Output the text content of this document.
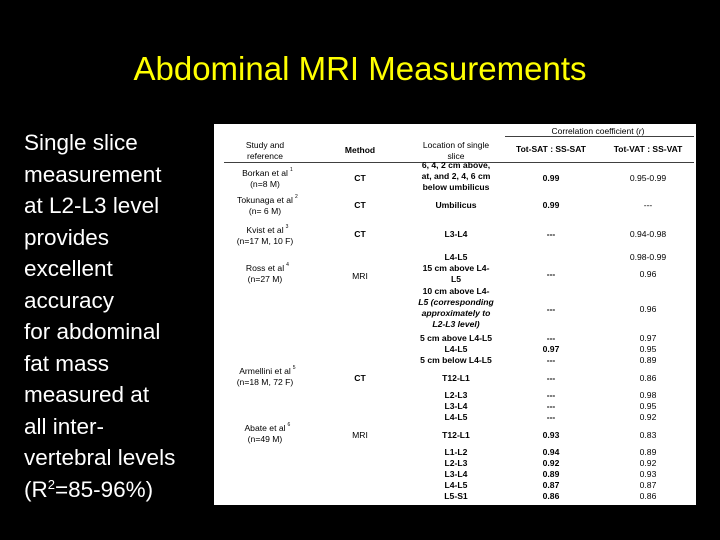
Abdominal MRI Measurements
Single slice
measurement
at L2-L3 level
provides
excellent
accuracy
for abdominal
fat mass
measured at
all inter-
vertebral levels
$(R^2=85-96\%)$
Correlation coefficient (r)
Study and
reference
Method	Location of single
slice
Tot-SAT : SS-SAT	Tot-VAT : SS-VAT
Borkan et al 1
(n=8 M)
Tokunaga et al 2
(n= 6 M)
Kvist et al 3
(n=17 M, 10 F)
Ross et al 4
(n=27 M)
Armellini et al 5
(n=18 M, 72 F)
Abate et al 6
(n=49 M)
CT
CT
CT
MRI
CT
MRI
6, 4, 2 cm above,
at, and 2, 4, 6 cm
below umbilicus
Umbilicus
L3-L4
L4-L5
15 cm above L4-
L5
10 cm above L4-
L5 (corresponding
approximately to
L2-L3 level)
5 cm above L4-L5
L4-L5
5 cm below L4-L5
T12-L1
L2-L3
L3-L4
L4-L5
T12-L1
L1-L2
L2-L3
L3-L4
L4-L5
L5-S1
0.99
0.99
---
---
---
---
0.97
---
---
---
---
---
0.93
0.94
0.92
0.89
0.87
0.86
0.95-0.99
---
0.94-0.98
0.98-0.99
0.96
0.96
0.97
0.95
0.89
0.86
0.98
0.95
0.92
0.83
0.89
0.92
0.93
0.87
0.86
